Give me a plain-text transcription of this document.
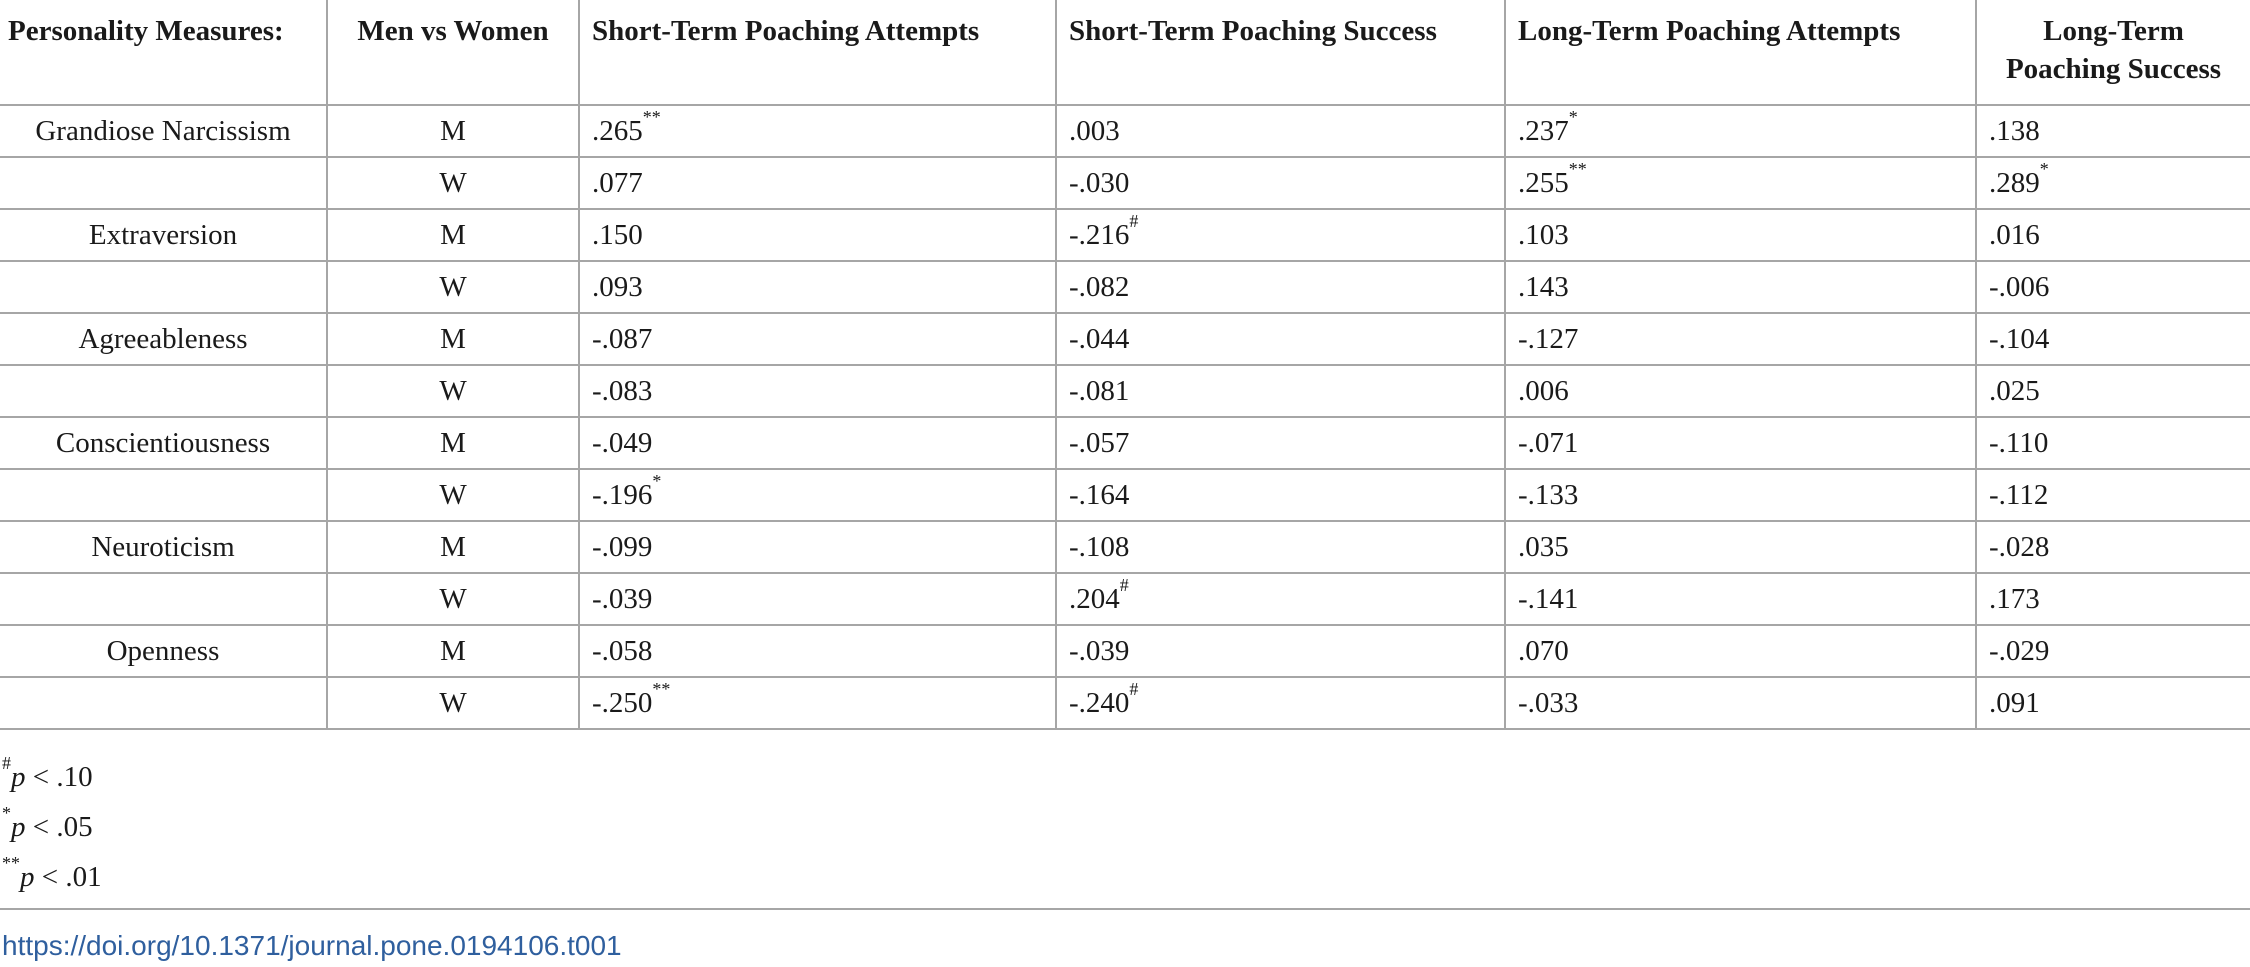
Personality Measures:	Men vs Women	Short-Term Poaching Attempts	Short-Term Poaching Success	Long-Term Poaching Attempts	Long-Term Poaching Success
Grandiose Narcissism	M	.265**	.003	.237*	.138
	W	.077	-.030	.255**	.289*
Extraversion	M	.150	-.216#	.103	.016
	W	.093	-.082	.143	-.006
Agreeableness	M	-.087	-.044	-.127	-.104
	W	-.083	-.081	.006	.025
Conscientiousness	M	-.049	-.057	-.071	-.110
	W	-.196*	-.164	-.133	-.112
Neuroticism	M	-.099	-.108	.035	-.028
	W	-.039	.204#	-.141	.173
Openness	M	-.058	-.039	.070	-.029
	W	-.250**	-.240#	-.033	.091
#p < .10
*p < .05
**p < .01
https://doi.org/10.1371/journal.pone.0194106.t001
